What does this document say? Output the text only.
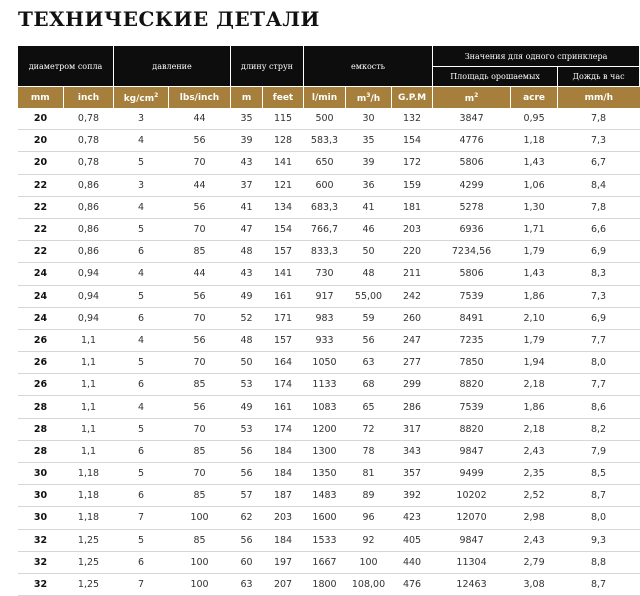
ТЕХНИЧЕСКИЕ ДЕТАЛИ
диаметром сопла		давление		длину струн		емкость			Значения для одного спринклера		
									Площадь орошаемых		Дождь в час
mm	inch	$kg/cm^2$	lbs/inch	m	feet	l/min	$m^3/h$	G.P.M	$m^2$	acre	mm/h
20	0,78	3	44	35	115	500	30	132	3847	0,95	7,8
20	0,78	4	56	39	128	583,3	35	154	4776	1,18	7,3
20	0,78	5	70	43	141	650	39	172	5806	1,43	6,7
22	0,86	3	44	37	121	600	36	159	4299	1,06	8,4
22	0,86	4	56	41	134	683,3	41	181	5278	1,30	7,8
22	0,86	5	70	47	154	766,7	46	203	6936	1,71	6,6
22	0,86	6	85	48	157	833,3	50	220	7234,56	1,79	6,9
24	0,94	4	44	43	141	730	48	211	5806	1,43	8,3
24	0,94	5	56	49	161	917	55,00	242	7539	1,86	7,3
24	0,94	6	70	52	171	983	59	260	8491	2,10	6,9
26	1,1	4	56	48	157	933	56	247	7235	1,79	7,7
26	1,1	5	70	50	164	1050	63	277	7850	1,94	8,0
26	1,1	6	85	53	174	1133	68	299	8820	2,18	7,7
28	1,1	4	56	49	161	1083	65	286	7539	1,86	8,6
28	1,1	5	70	53	174	1200	72	317	8820	2,18	8,2
28	1,1	6	85	56	184	1300	78	343	9847	2,43	7,9
30	1,18	5	70	56	184	1350	81	357	9499	2,35	8,5
30	1,18	6	85	57	187	1483	89	392	10202	2,52	8,7
30	1,18	7	100	62	203	1600	96	423	12070	2,98	8,0
32	1,25	5	85	56	184	1533	92	405	9847	2,43	9,3
32	1,25	6	100	60	197	1667	100	440	11304	2,79	8,8
32	1,25	7	100	63	207	1800	108,00	476	12463	3,08	8,7
